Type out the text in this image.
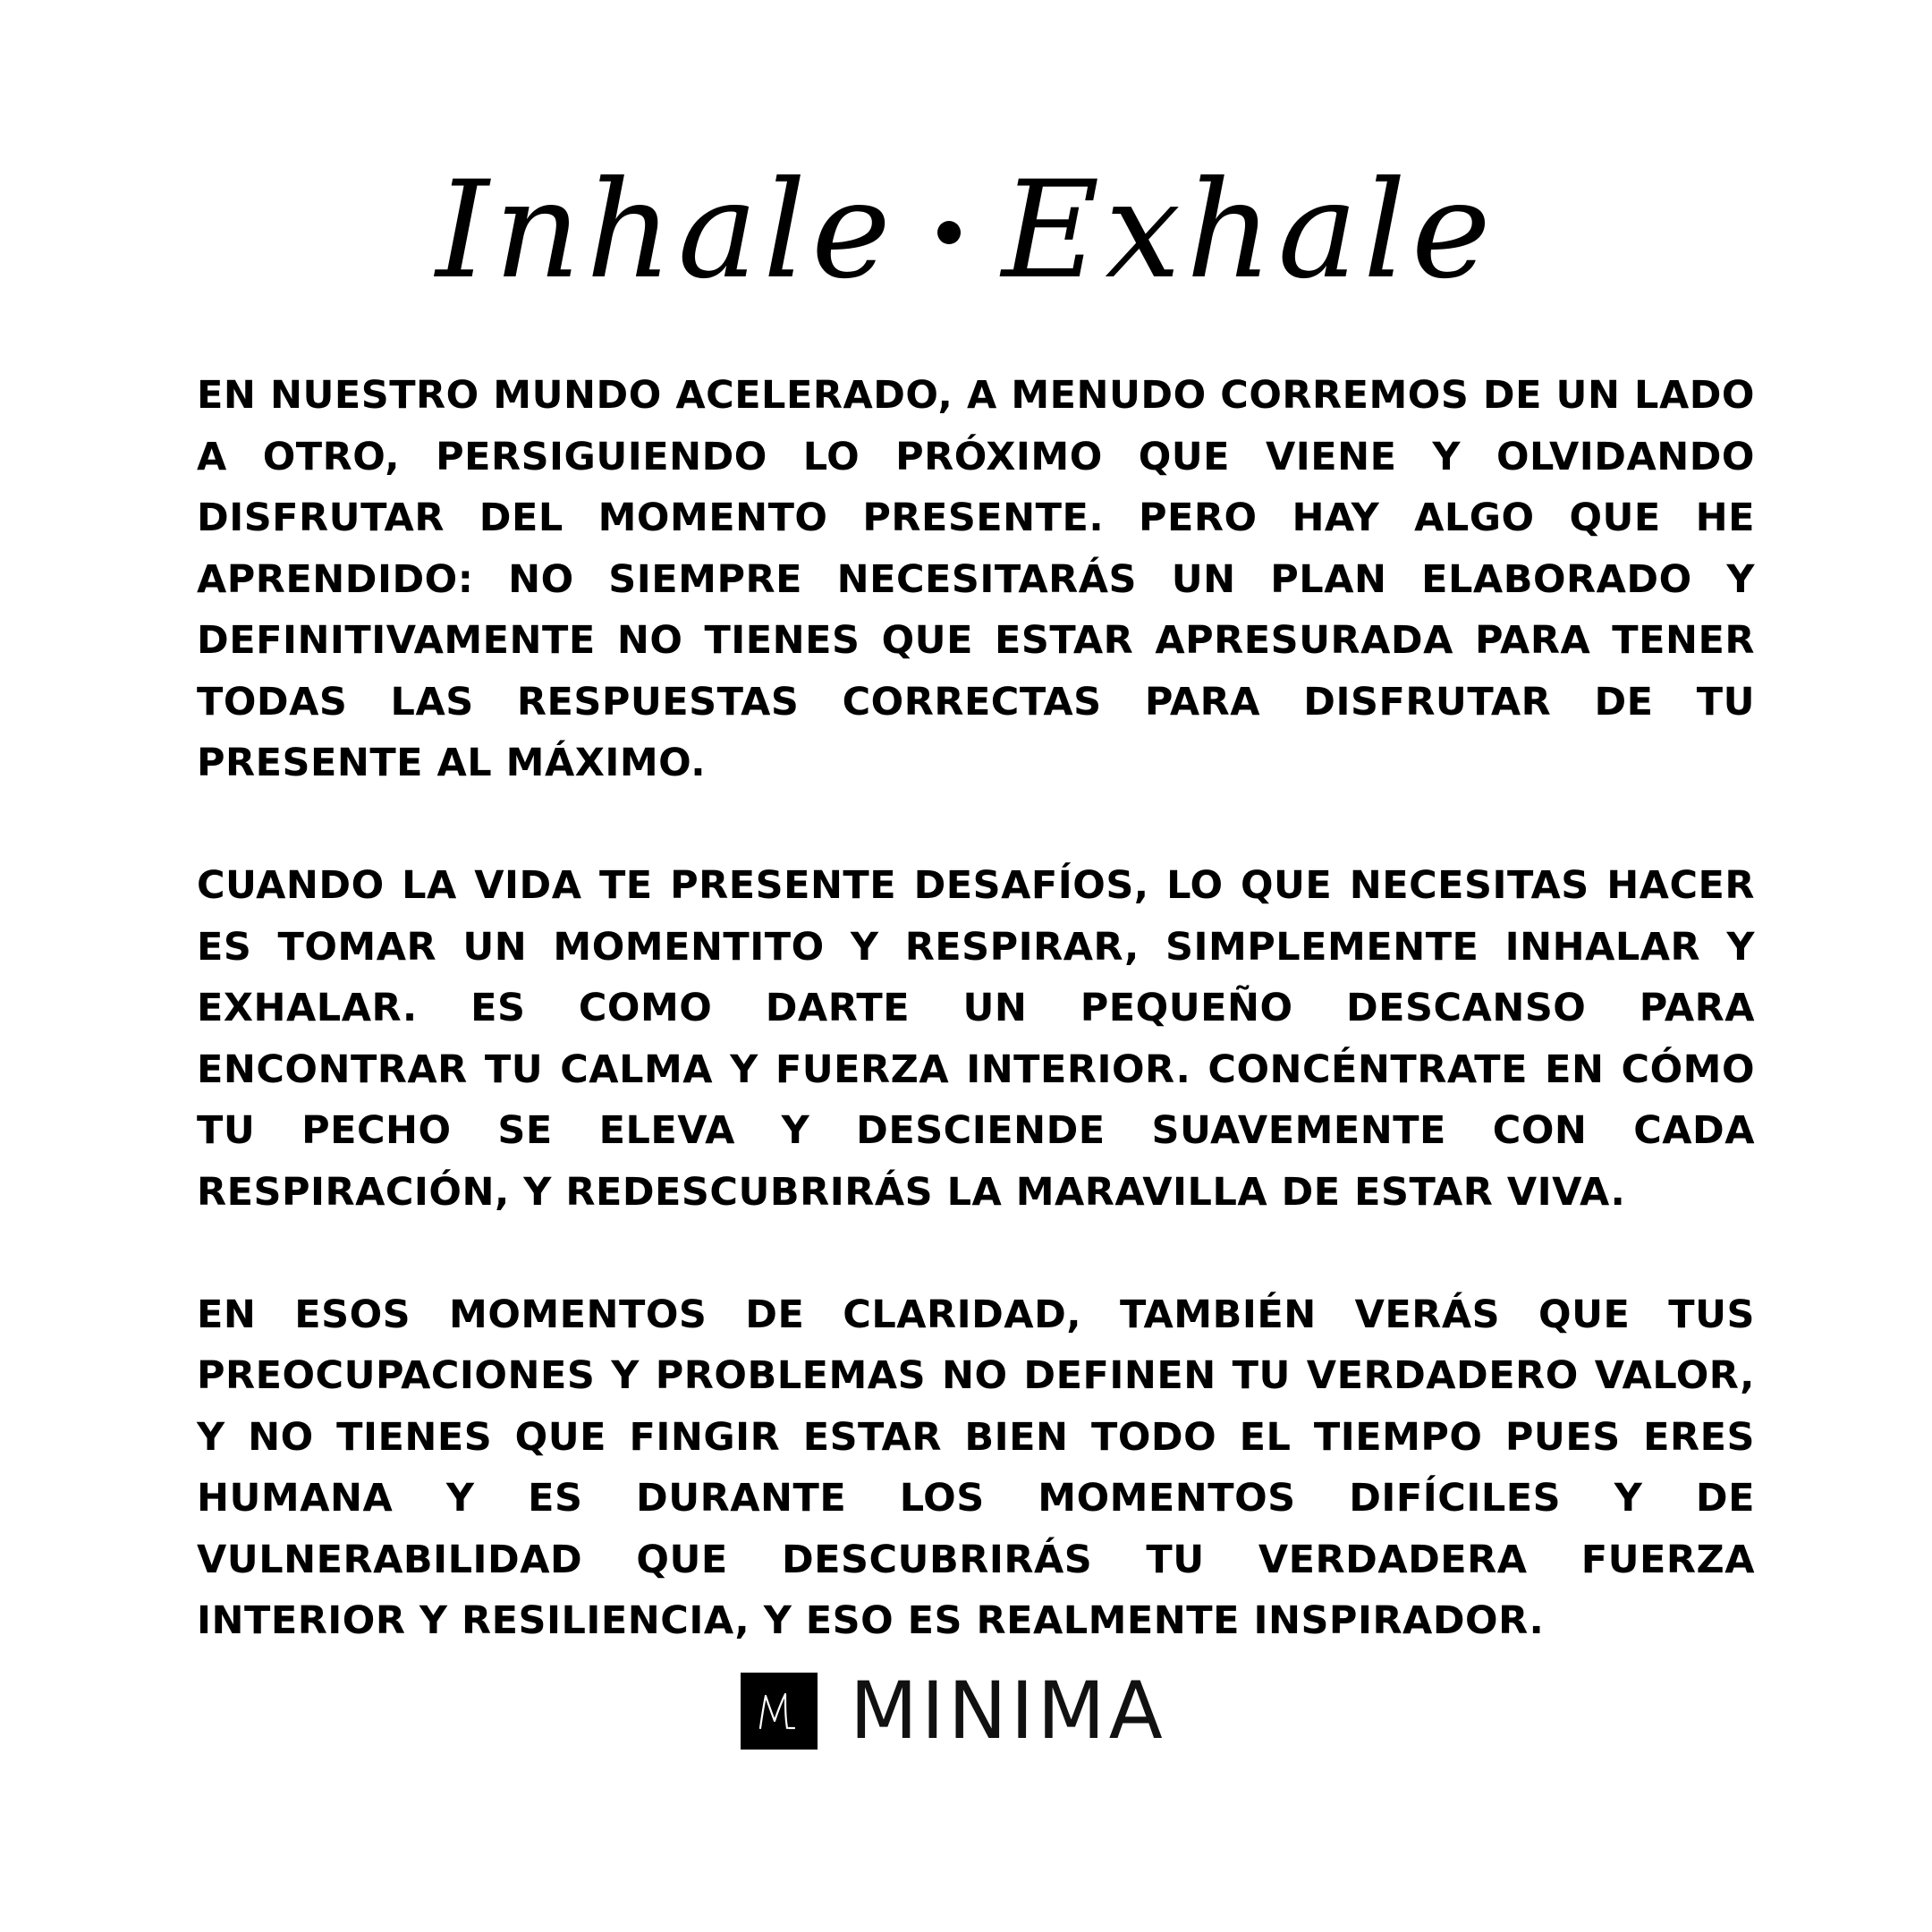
Inhale Exhale

EN NUESTRO MUNDO ACELERADO, A MENUDO CORREMOS DE UN LADO A OTRO, PERSIGUIENDO LO PRÓXIMO QUE VIENE Y OLVIDANDO DISFRUTAR DEL MOMENTO PRESENTE. PERO HAY ALGO QUE HE APRENDIDO: NO SIEMPRE NECESITARÁS UN PLAN ELABORADO Y DEFINITIVAMENTE NO TIENES QUE ESTAR APRESURADA PARA TENER TODAS LAS RESPUESTAS CORRECTAS PARA DISFRUTAR DE TU PRESENTE AL MÁXIMO.

CUANDO LA VIDA TE PRESENTE DESAFÍOS, LO QUE NECESITAS HACER ES TOMAR UN MOMENTITO Y RESPIRAR, SIMPLEMENTE INHALAR Y EXHALAR. ES COMO DARTE UN PEQUEÑO DESCANSO PARA ENCONTRAR TU CALMA Y FUERZA INTERIOR. CONCÉNTRATE EN CÓMO TU PECHO SE ELEVA Y DESCIENDE SUAVEMENTE CON CADA RESPIRACIÓN, Y REDESCUBRIRÁS LA MARAVILLA DE ESTAR VIVA.

EN ESOS MOMENTOS DE CLARIDAD, TAMBIÉN VERÁS QUE TUS PREOCUPACIONES Y PROBLEMAS NO DEFINEN TU VERDADERO VALOR, Y NO TIENES QUE FINGIR ESTAR BIEN TODO EL TIEMPO PUES ERES HUMANA Y ES DURANTE LOS MOMENTOS DIFÍCILES Y DE VULNERABILIDAD QUE DESCUBRIRÁS TU VERDADERA FUERZA INTERIOR Y RESILIENCIA, Y ESO ES REALMENTE INSPIRADOR.

MINIMA
